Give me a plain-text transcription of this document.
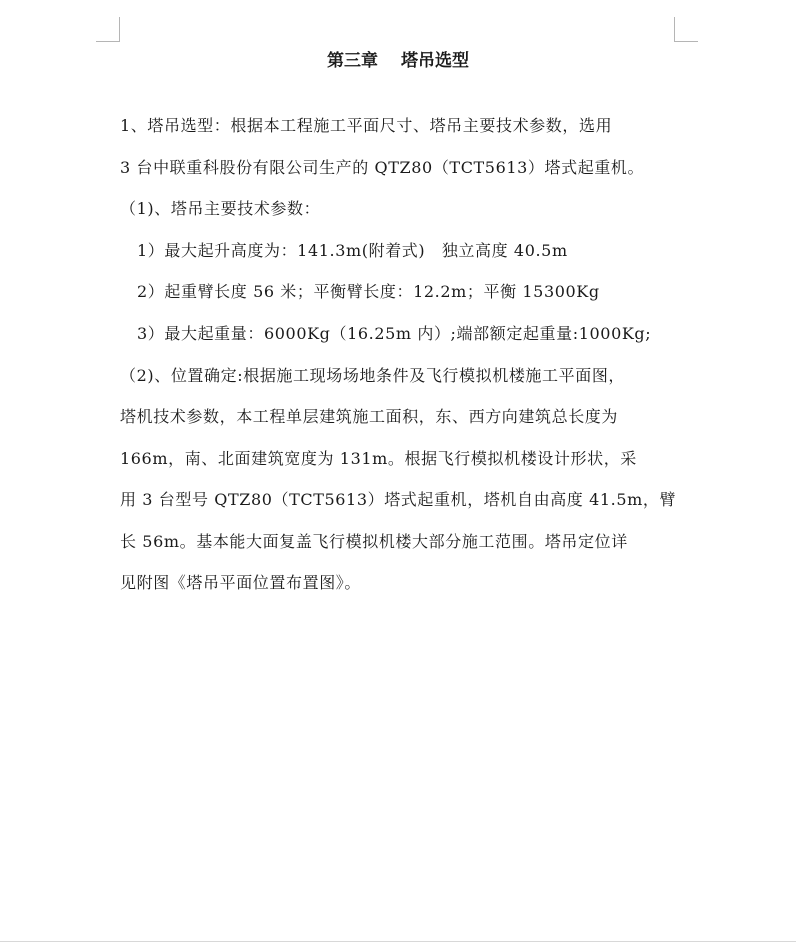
第三章　 塔吊选型
1、塔吊选型：根据本工程施工平面尺寸、塔吊主要技术参数，选用
3 台中联重科股份有限公司生产的 QTZ80（TCT5613）塔式起重机。
（1)、塔吊主要技术参数：
1）最大起升高度为：141.3m(附着式)　独立高度 40.5m
2）起重臂长度 56 米；平衡臂长度：12.2m；平衡 15300Kg
3）最大起重量：6000Kg（16.25m 内）;端部额定起重量:1000Kg;
（2)、位置确定:根据施工现场场地条件及飞行模拟机楼施工平面图，
塔机技术参数，本工程单层建筑施工面积，东、西方向建筑总长度为
166m，南、北面建筑宽度为 131m。根据飞行模拟机楼设计形状，采
用 3 台型号 QTZ80（TCT5613）塔式起重机，塔机自由高度 41.5m，臂
长 56m。基本能大面复盖飞行模拟机楼大部分施工范围。塔吊定位详
见附图《塔吊平面位置布置图》。
